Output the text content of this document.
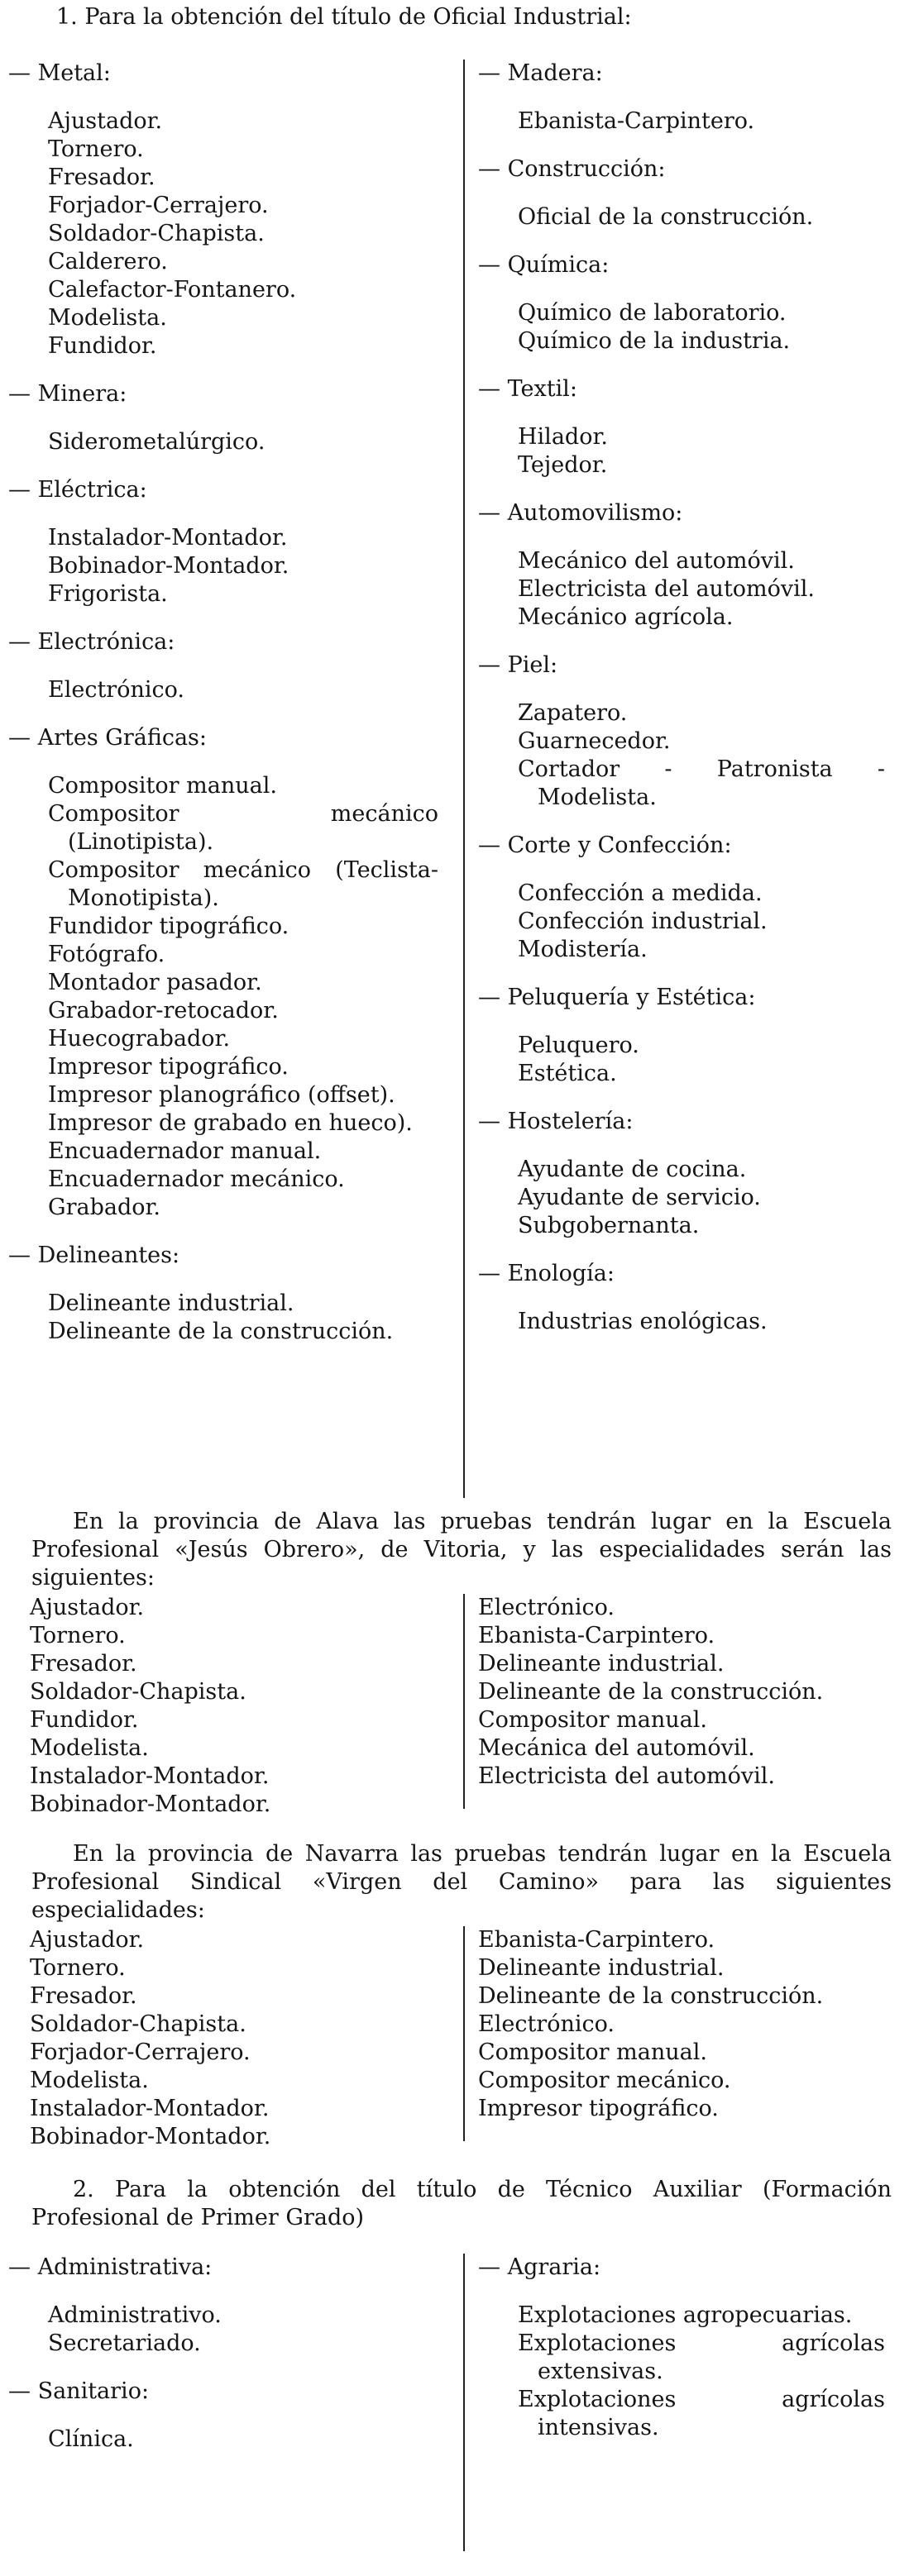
1. Para la obtención del título de Oficial Industrial:
— Metal:
Ajustador.
Tornero.
Fresador.
Forjador-Cerrajero.
Soldador-Chapista.
Calderero.
Calefactor-Fontanero.
Modelista.
Fundidor.
— Minera:
Siderometalúrgico.
— Eléctrica:
Instalador-Montador.
Bobinador-Montador.
Frigorista.
— Electrónica:
Electrónico.
— Artes Gráficas:
Compositor manual.
Compositor mecánico (Linotipista).
Compositor mecánico (Teclista-Monotipista).
Fundidor tipográfico.
Fotógrafo.
Montador pasador.
Grabador-retocador.
Huecograbador.
Impresor tipográfico.
Impresor planográfico (offset).
Impresor de grabado en hueco).
Encuadernador manual.
Encuadernador mecánico.
Grabador.
— Delineantes:
Delineante industrial.
Delineante de la construcción.
— Madera:
Ebanista-Carpintero.
— Construcción:
Oficial de la construcción.
— Química:
Químico de laboratorio.
Químico de la industria.
— Textil:
Hilador.
Tejedor.
— Automovilismo:
Mecánico del automóvil.
Electricista del automóvil.
Mecánico agrícola.
— Piel:
Zapatero.
Guarnecedor.
Cortador - Patronista - Modelista.
— Corte y Confección:
Confección a medida.
Confección industrial.
Modistería.
— Peluquería y Estética:
Peluquero.
Estética.
— Hostelería:
Ayudante de cocina.
Ayudante de servicio.
Subgobernanta.
— Enología:
Industrias enológicas.
En la provincia de Alava las pruebas tendrán lugar en la Escuela Profesional «Jesús Obrero», de Vitoria, y las especialidades serán las siguientes:
Ajustador.
Tornero.
Fresador.
Soldador-Chapista.
Fundidor.
Modelista.
Instalador-Montador.
Bobinador-Montador.
Electrónico.
Ebanista-Carpintero.
Delineante industrial.
Delineante de la construcción.
Compositor manual.
Mecánica del automóvil.
Electricista del automóvil.
En la provincia de Navarra las pruebas tendrán lugar en la Escuela Profesional Sindical «Virgen del Camino» para las siguientes especialidades:
Ajustador.
Tornero.
Fresador.
Soldador-Chapista.
Forjador-Cerrajero.
Modelista.
Instalador-Montador.
Bobinador-Montador.
Ebanista-Carpintero.
Delineante industrial.
Delineante de la construcción.
Electrónico.
Compositor manual.
Compositor mecánico.
Impresor tipográfico.
2. Para la obtención del título de Técnico Auxiliar (Formación Profesional de Primer Grado)
— Administrativa:
Administrativo.
Secretariado.
— Sanitario:
Clínica.
— Agraria:
Explotaciones agropecuarias.
Explotaciones agrícolas extensivas.
Explotaciones agrícolas intensivas.
